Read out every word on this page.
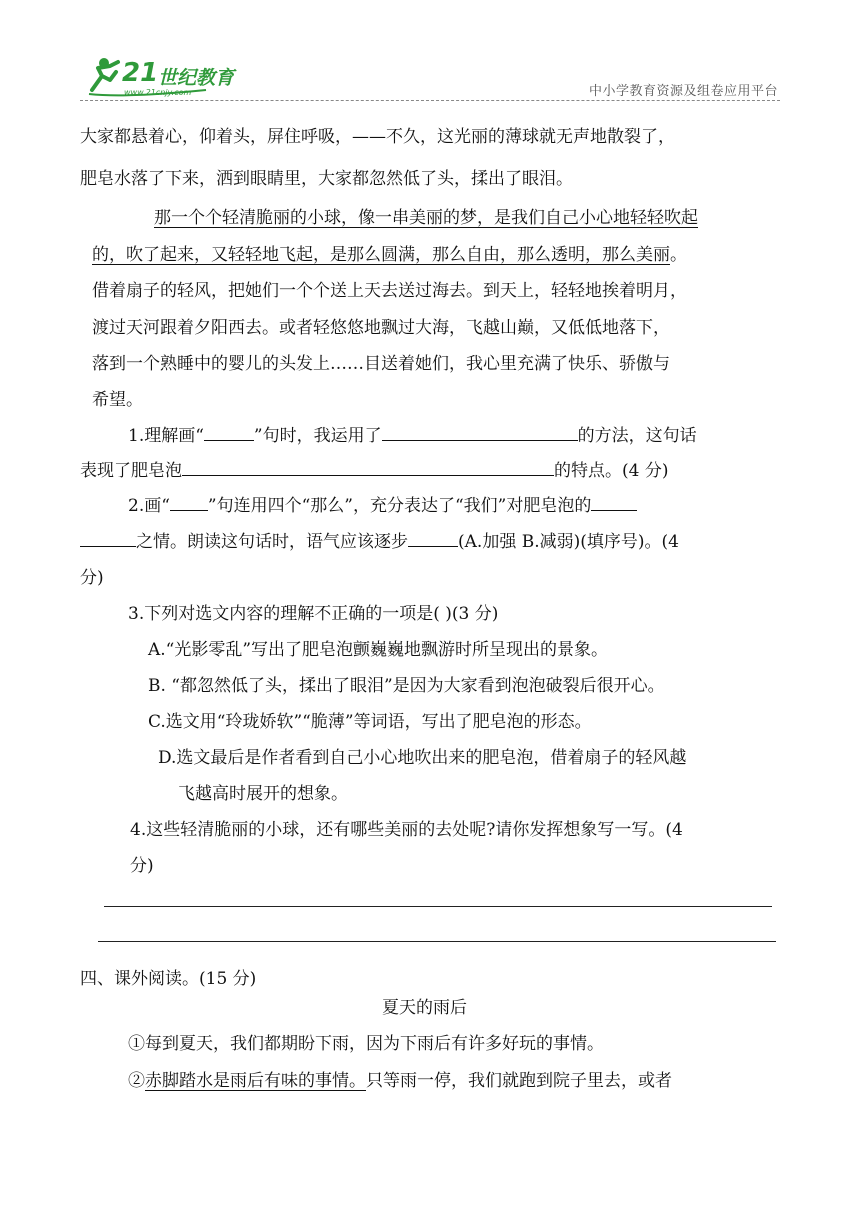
21 世纪教育
www.21cnjy.com	中小学教育资源及组卷应用平台
大家都悬着心，仰着头，屏住呼吸，——不久，这光丽的薄球就无声地散裂了，
肥皂水落了下来，洒到眼睛里，大家都忽然低了头，揉出了眼泪。
那一个个轻清脆丽的小球，像一串美丽的梦，是我们自己小心地轻轻吹起
的，吹了起来，又轻轻地飞起，是那么圆满，那么自由，那么透明，那么美丽。
借着扇子的轻风，把她们一个个送上天去送过海去。到天上，轻轻地挨着明月，
渡过天河跟着夕阳西去。或者轻悠悠地飘过大海，飞越山巅，又低低地落下，
落到一个熟睡中的婴儿的头发上……目送着她们，我心里充满了快乐、骄傲与
希望。
1.理解画“	”句时，我运用了	的方法，这句话
表现了肥皂泡	的特点。(4 分)
2.画“ ”句连用四个“那么”，充分表达了“我们”对肥皂泡的
之情。朗读这句话时，语气应该逐步	(A.加强 B.减弱)(填序号)。(4
分)
3.下列对选文内容的理解不正确的一项是( )(3 分)
A.“光影零乱”写出了肥皂泡颤巍巍地飘游时所呈现出的景象。
B. “都忽然低了头，揉出了眼泪”是因为大家看到泡泡破裂后很开心。
C.选文用“玲珑娇软”“脆薄”等词语，写出了肥皂泡的形态。
D.选文最后是作者看到自己小心地吹出来的肥皂泡，借着扇子的轻风越
飞越高时展开的想象。
4.这些轻清脆丽的小球，还有哪些美丽的去处呢?请你发挥想象写一写。(4
分)
四、课外阅读。(15 分)
夏天的雨后
①每到夏天，我们都期盼下雨，因为下雨后有许多好玩的事情。
②赤脚踏水是雨后有味的事情。只等雨一停，我们就跑到院子里去，或者
